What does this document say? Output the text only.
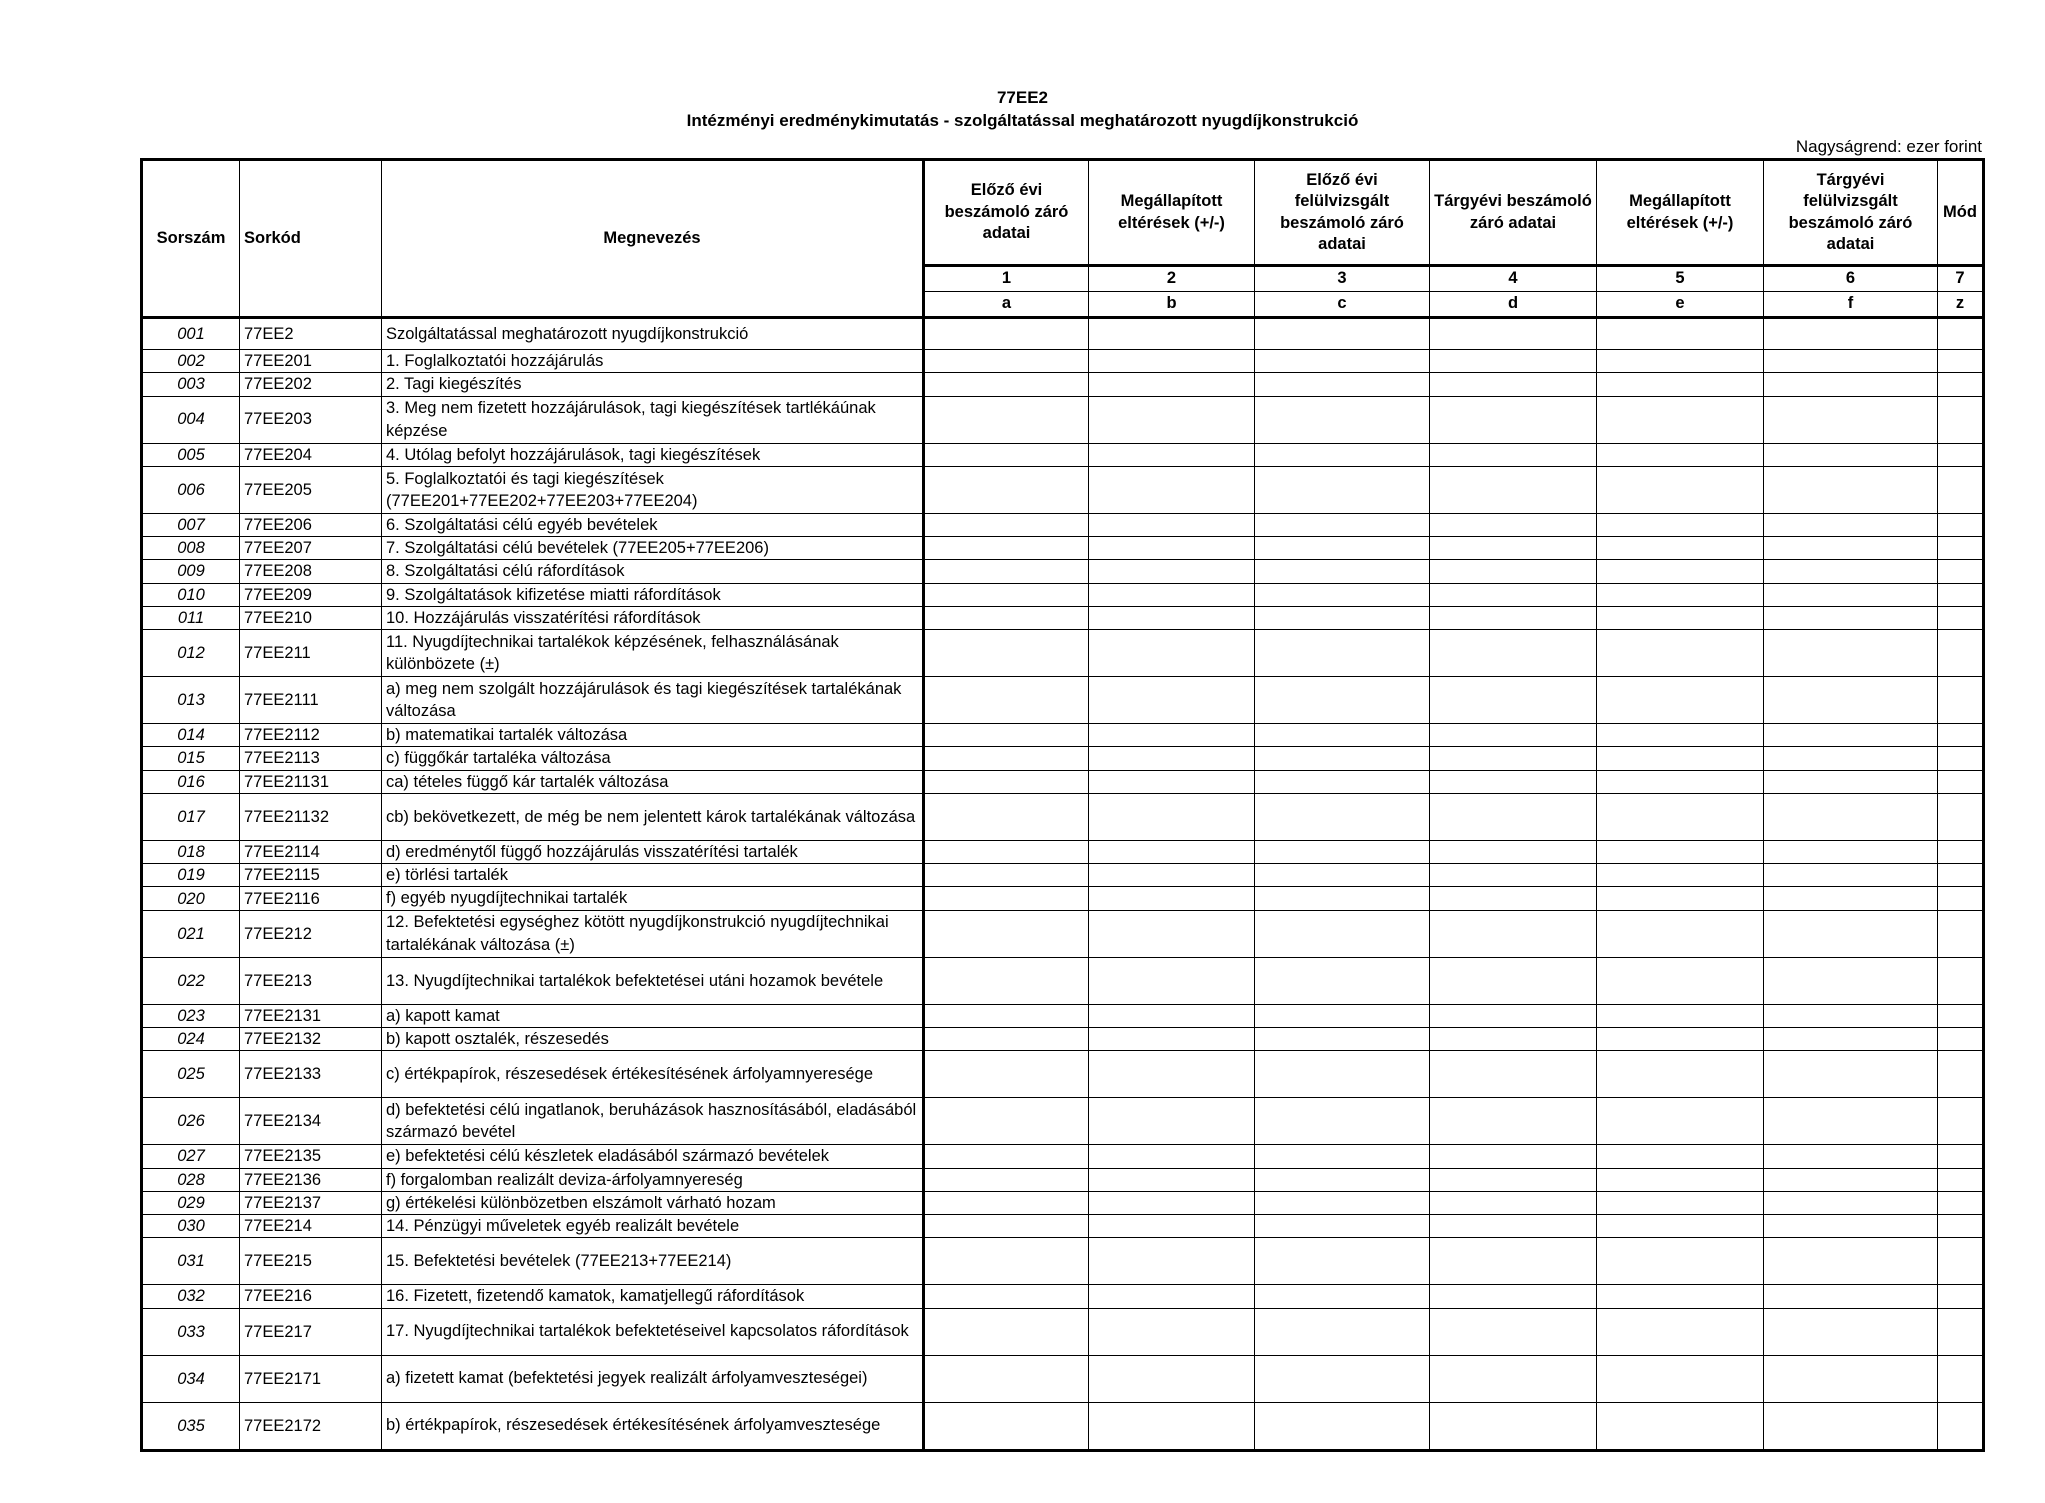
77EE2
Intézményi eredménykimutatás - szolgáltatással meghatározott nyugdíjkonstrukció
Nagyságrend: ezer forint
Sorszám	Sorkód	Megnevezés	Előző évi beszámoló záró adatai	Megállapított eltérések (+/-)	Előző évi felülvizsgált beszámoló záró adatai	Tárgyévi beszámoló záró adatai	Megállapított eltérések (+/-)	Tárgyévi felülvizsgált beszámoló záró adatai	Mód
			1	2	3	4	5	6	7
			a	b	c	d	e	f	z
001	77EE2	Szolgáltatással meghatározott nyugdíjkonstrukció							
002	77EE201	1. Foglalkoztatói hozzájárulás							
003	77EE202	2. Tagi kiegészítés							
004	77EE203	3. Meg nem fizetett hozzájárulások, tagi kiegészítések tartlékáúnak képzése							
005	77EE204	4. Utólag befolyt hozzájárulások, tagi kiegészítések							
006	77EE205	5. Foglalkoztatói és tagi kiegészítések (77EE201+77EE202+77EE203+77EE204)							
007	77EE206	6. Szolgáltatási célú egyéb bevételek							
008	77EE207	7. Szolgáltatási célú bevételek (77EE205+77EE206)							
009	77EE208	8. Szolgáltatási célú ráfordítások							
010	77EE209	9. Szolgáltatások kifizetése miatti ráfordítások							
011	77EE210	10. Hozzájárulás visszatérítési ráfordítások							
012	77EE211	11. Nyugdíjtechnikai tartalékok képzésének, felhasználásának különbözete (±)							
013	77EE2111	a) meg nem szolgált hozzájárulások és tagi kiegészítések tartalékának változása							
014	77EE2112	b) matematikai tartalék változása							
015	77EE2113	c) függőkár tartaléka változása							
016	77EE21131	ca) tételes függő kár tartalék változása							
017	77EE21132	cb) bekövetkezett, de még be nem jelentett károk tartalékának változása							
018	77EE2114	d) eredménytől függő hozzájárulás visszatérítési tartalék							
019	77EE2115	e) törlési tartalék							
020	77EE2116	f) egyéb nyugdíjtechnikai tartalék							
021	77EE212	12. Befektetési egységhez kötött nyugdíjkonstrukció nyugdíjtechnikai tartalékának változása (±)							
022	77EE213	13. Nyugdíjtechnikai tartalékok befektetései utáni hozamok bevétele							
023	77EE2131	a) kapott kamat							
024	77EE2132	b) kapott osztalék, részesedés							
025	77EE2133	c) értékpapírok, részesedések értékesítésének árfolyamnyeresége							
026	77EE2134	d) befektetési célú ingatlanok, beruházások hasznosításából, eladásából származó bevétel							
027	77EE2135	e) befektetési célú készletek eladásából származó bevételek							
028	77EE2136	f) forgalomban realizált deviza-árfolyamnyereség							
029	77EE2137	g) értékelési különbözetben elszámolt várható hozam							
030	77EE214	14. Pénzügyi műveletek egyéb realizált bevétele							
031	77EE215	15. Befektetési bevételek (77EE213+77EE214)							
032	77EE216	16. Fizetett, fizetendő kamatok, kamatjellegű ráfordítások							
033	77EE217	17. Nyugdíjtechnikai tartalékok befektetéseivel kapcsolatos ráfordítások							
034	77EE2171	a) fizetett kamat (befektetési jegyek realizált árfolyamveszteségei)							
035	77EE2172	b) értékpapírok, részesedések értékesítésének árfolyamvesztesége							
